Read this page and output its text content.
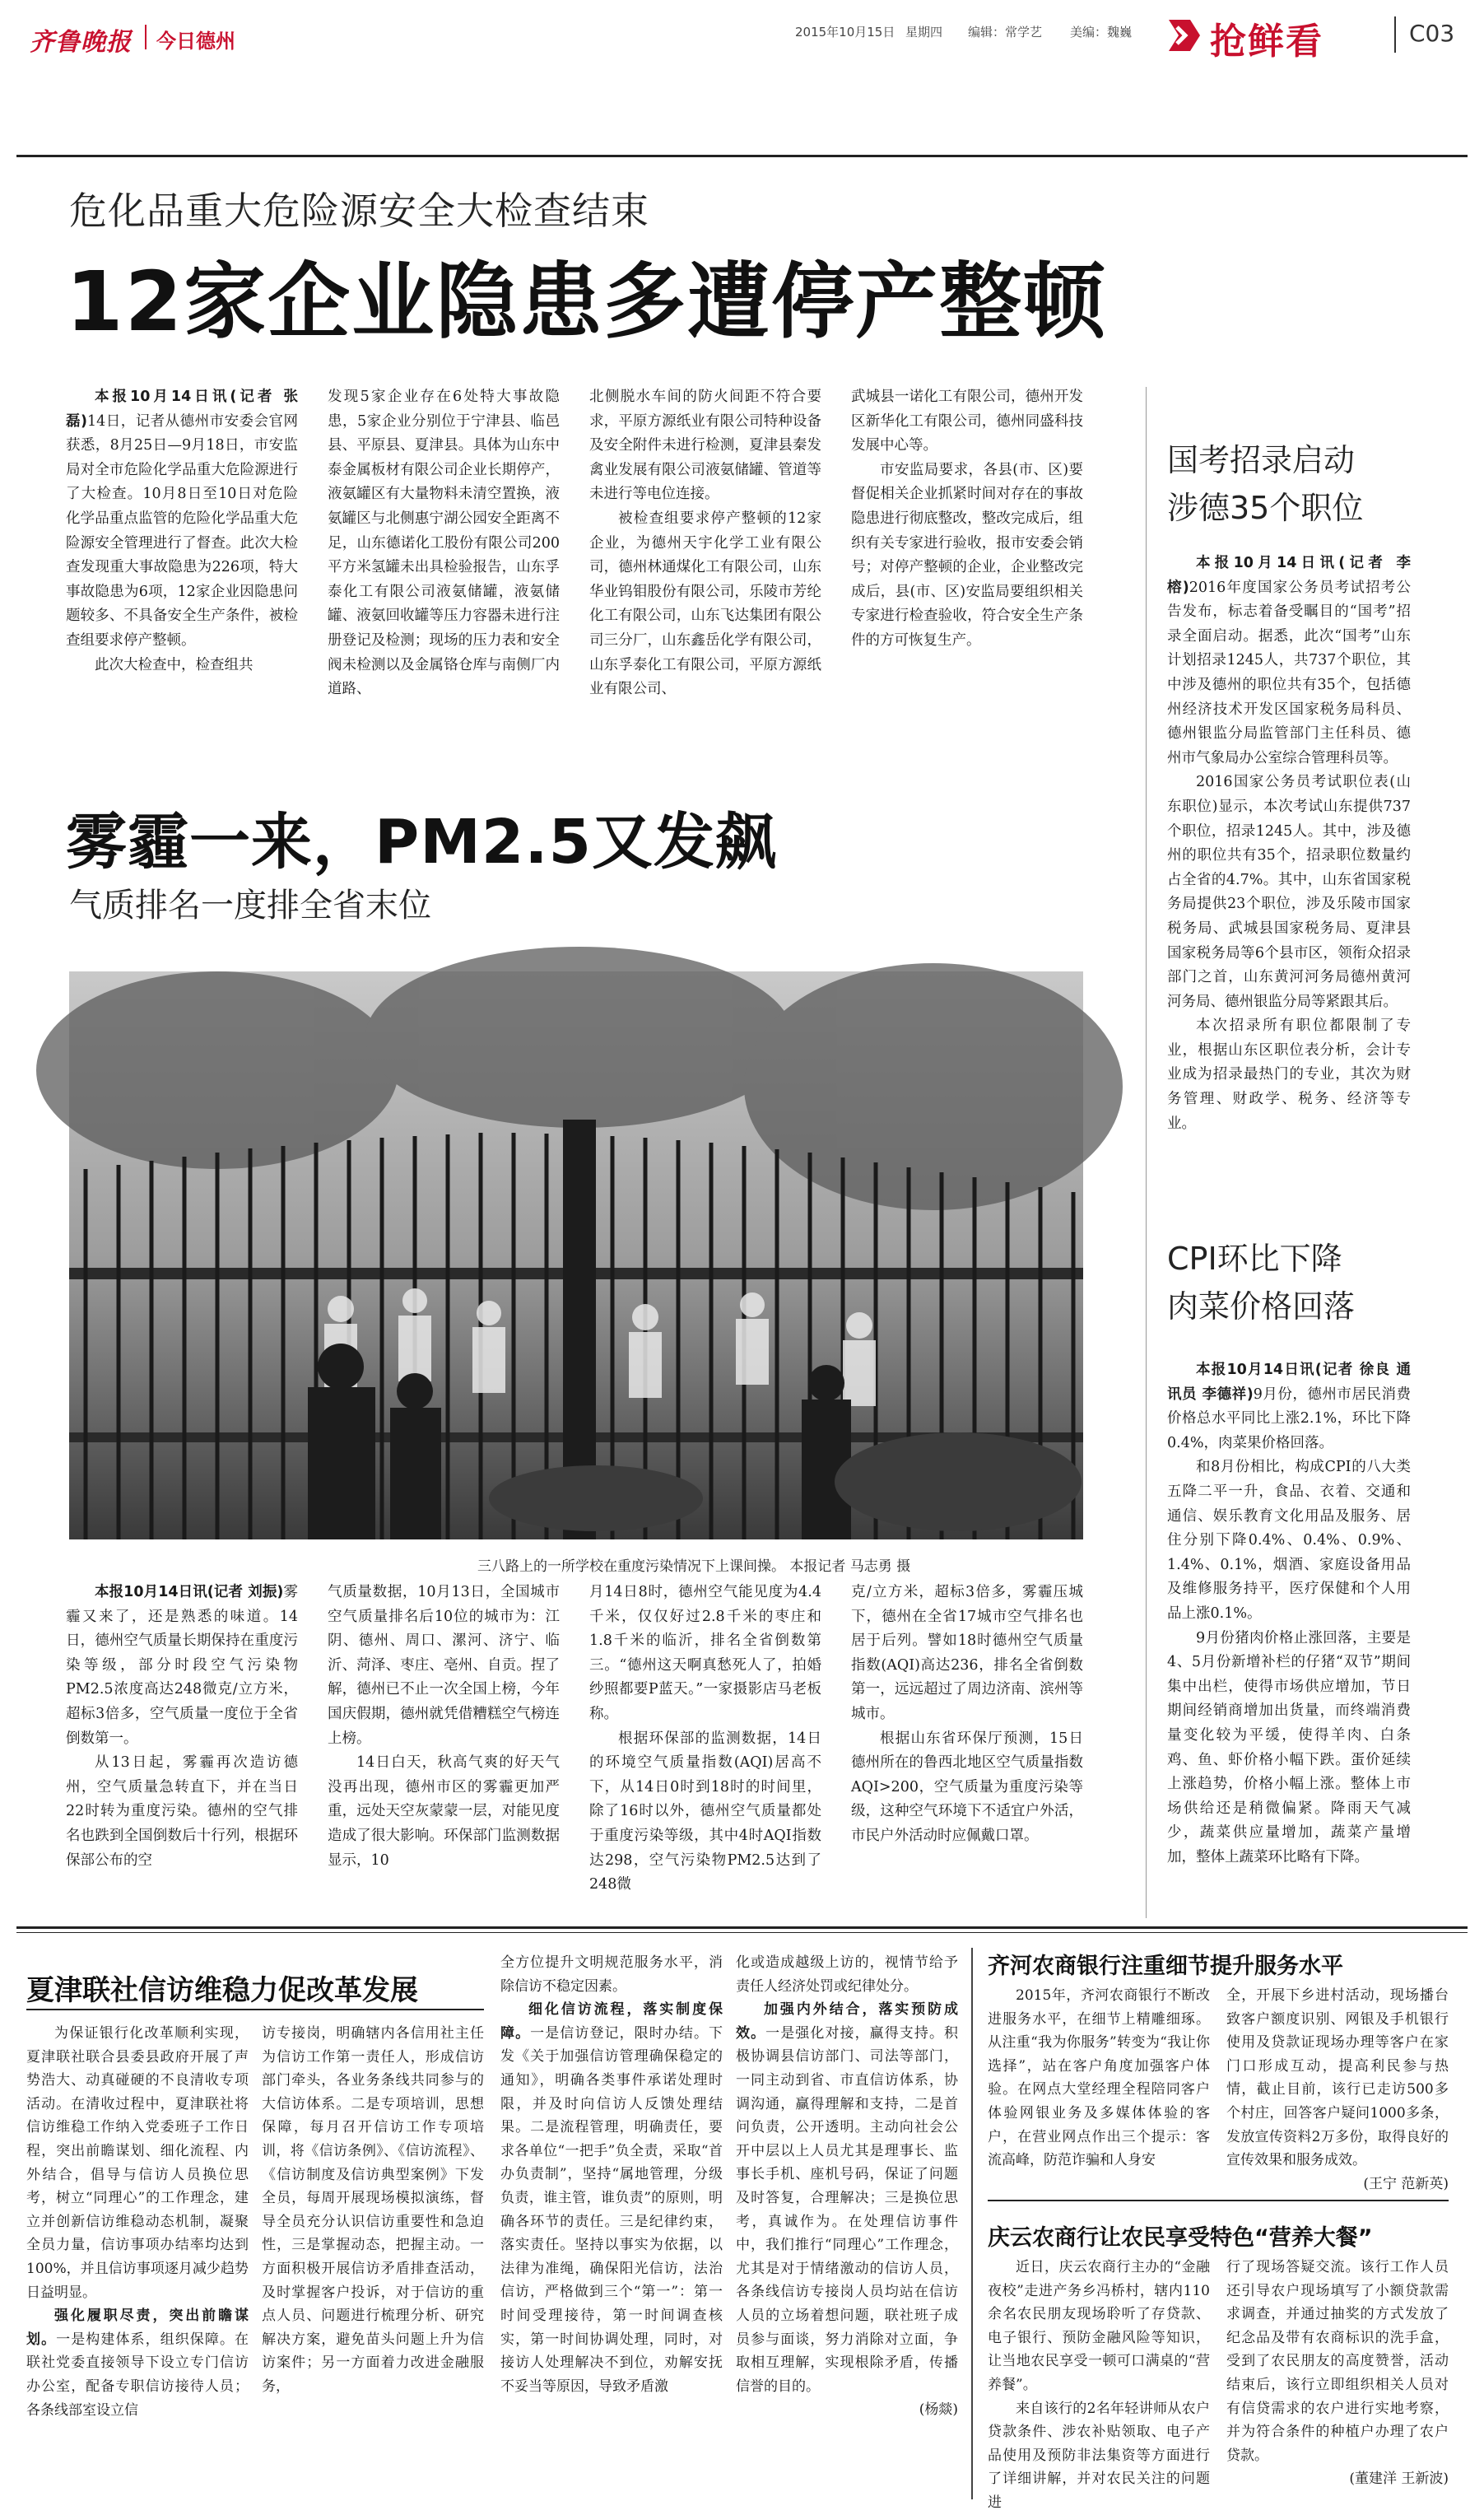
齐鲁晚报 今日德州	2015年10月15日 星期四 编辑：常学艺 美编：魏巍 抢鲜看	C03
危化品重大危险源安全大检查结束
12家企业隐患多遭停产整顿

本报10月14日讯(记者 张磊)14日，记者从德州市安委会官网获悉，8月25日—9月18日，市安监局对全市危险化学品重大危险源进行了大检查。10月8日至10日对危险化学品重点监管的危险化学品重大危险源安全管理进行了督查。此次大检查发现重大事故隐患为226项，特大事故隐患为6项，12家企业因隐患问题较多、不具备安全生产条件，被检查组要求停产整顿。

此次大检查中，检查组共

发现5家企业存在6处特大事故隐患，5家企业分别位于宁津县、临邑县、平原县、夏津县。具体为山东中泰金属板材有限公司企业长期停产，液氨罐区有大量物料未清空置换，液氨罐区与北侧惠宁湖公园安全距离不足，山东德诺化工股份有限公司200平方米氢罐未出具检验报告，山东孚泰化工有限公司液氨储罐，液氨储罐、液氨回收罐等压力容器未进行注册登记及检测；现场的压力表和安全阀未检测以及金属铬仓库与南侧厂内道路、

北侧脱水车间的防火间距不符合要求，平原方源纸业有限公司特种设备及安全附件未进行检测，夏津县秦发禽业发展有限公司液氨储罐、管道等未进行等电位连接。

被检查组要求停产整顿的12家企业，为德州天宇化学工业有限公司，德州林通煤化工有限公司，山东华业钨钼股份有限公司，乐陵市芳纶化工有限公司，山东飞达集团有限公司三分厂，山东鑫岳化学有限公司，山东孚泰化工有限公司，平原方源纸业有限公司、

武城县一诺化工有限公司，德州开发区新华化工有限公司，德州同盛科技发展中心等。

市安监局要求，各县(市、区)要督促相关企业抓紧时间对存在的事故隐患进行彻底整改，整改完成后，组织有关专家进行验收，报市安委会销号；对停产整顿的企业，企业整改完成后，县(市、区)安监局要组织相关专家进行检查验收，符合安全生产条件的方可恢复生产。

国考招录启动
涉德35个职位

本报10月14日讯(记者 李榕)2016年度国家公务员考试招考公告发布，标志着备受瞩目的“国考”招录全面启动。据悉，此次“国考”山东计划招录1245人，共737个职位，其中涉及德州的职位共有35个，包括德州经济技术开发区国家税务局科员、德州银监分局监管部门主任科员、德州市气象局办公室综合管理科员等。

2016国家公务员考试职位表(山东职位)显示，本次考试山东提供737个职位，招录1245人。其中，涉及德州的职位共有35个，招录职位数量约占全省的4.7%。其中，山东省国家税务局提供23个职位，涉及乐陵市国家税务局、武城县国家税务局、夏津县国家税务局等6个县市区，领衔众招录部门之首，山东黄河河务局德州黄河河务局、德州银监分局等紧跟其后。

本次招录所有职位都限制了专业，根据山东区职位表分析，会计专业成为招录最热门的专业，其次为财务管理、财政学、税务、经济等专业。

雾霾一来，PM2.5又发飙
气质排名一度排全省末位
三八路上的一所学校在重度污染情况下上课间操。 本报记者 马志勇 摄

本报10月14日讯(记者 刘振)雾霾又来了，还是熟悉的味道。14日，德州空气质量长期保持在重度污染等级，部分时段空气污染物PM2.5浓度高达248微克/立方米，超标3倍多，空气质量一度位于全省倒数第一。

从13日起，雾霾再次造访德州，空气质量急转直下，并在当日22时转为重度污染。德州的空气排名也跌到全国倒数后十行列，根据环保部公布的空

气质量数据，10月13日，全国城市空气质量排名后10位的城市为：江阴、德州、周口、漯河、济宁、临沂、菏泽、枣庄、亳州、自贡。捏了解，德州已不止一次全国上榜，今年国庆假期，德州就凭借糟糕空气榜连上榜。

14日白天，秋高气爽的好天气没再出现，德州市区的雾霾更加严重，远处天空灰蒙蒙一层，对能见度造成了很大影响。环保部门监测数据显示，10

月14日8时，德州空气能见度为4.4千米，仅仅好过2.8千米的枣庄和1.8千米的临沂，排名全省倒数第三。“德州这天啊真愁死人了，拍婚纱照都要P蓝天。”一家摄影店马老板称。

根据环保部的监测数据，14日的环境空气质量指数(AQI)居高不下，从14日0时到18时的时间里，除了16时以外，德州空气质量都处于重度污染等级，其中4时AQI指数达298，空气污染物PM2.5达到了248微

克/立方米，超标3倍多，雾霾压城下，德州在全省17城市空气排名也居于后列。譬如18时德州空气质量指数(AQI)高达236，排名全省倒数第一，远远超过了周边济南、滨州等城市。

根据山东省环保厅预测，15日德州所在的鲁西北地区空气质量指数AQI>200，空气质量为重度污染等级，这种空气环境下不适宜户外活，市民户外活动时应佩戴口罩。

CPI环比下降
肉菜价格回落

本报10月14日讯(记者 徐良 通讯员 李德祥)9月份，德州市居民消费价格总水平同比上涨2.1%，环比下降0.4%，肉菜果价格回落。

和8月份相比，构成CPI的八大类五降二平一升，食品、衣着、交通和通信、娱乐教育文化用品及服务、居住分别下降0.4%、0.4%、0.9%、1.4%、0.1%，烟酒、家庭设备用品及维修服务持平，医疗保健和个人用品上涨0.1%。

9月份猪肉价格止涨回落，主要是4、5月份新增补栏的仔猪“双节”期间集中出栏，使得市场供应增加，节日期间经销商增加出货量，而终端消费量变化较为平缓，使得羊肉、白条鸡、鱼、虾价格小幅下跌。蛋价延续上涨趋势，价格小幅上涨。整体上市场供给还是稍微偏紧。降雨天气减少，蔬菜供应量增加，蔬菜产量增加，整体上蔬菜环比略有下降。

夏津联社信访维稳力促改革发展

为保证银行化改革顺利实现，夏津联社联合县委县政府开展了声势浩大、动真碰硬的不良清收专项活动。在清收过程中，夏津联社将信访维稳工作纳入党委班子工作日程，突出前瞻谋划、细化流程、内外结合，倡导与信访人员换位思考，树立“同理心”的工作理念，建立并创新信访维稳动态机制，凝聚全员力量，信访事项办结率均达到100%，并且信访事项逐月减少趋势日益明显。

强化履职尽责，突出前瞻谋划。一是构建体系，组织保障。在联社党委直接领导下设立专门信访办公室，配备专职信访接待人员；各条线部室设立信

访专接岗，明确辖内各信用社主任为信访工作第一责任人，形成信访部门牵头，各业务条线共同参与的大信访体系。二是专项培训，思想保障，每月召开信访工作专项培训，将《信访条例》、《信访流程》、《信访制度及信访典型案例》下发全员，每周开展现场模拟演练，督导全员充分认识信访重要性和急迫性，三是掌握动态，把握主动。一方面积极开展信访矛盾排查活动，及时掌握客户投诉，对于信访的重点人员、问题进行梳理分析、研究解决方案，避免苗头问题上升为信访案件；另一方面着力改进金融服务，

全方位提升文明规范服务水平，消除信访不稳定因素。

细化信访流程，落实制度保障。一是信访登记，限时办结。下发《关于加强信访管理确保稳定的通知》，明确各类事件承诺处理时限，并及时向信访人反馈处理结果。二是流程管理，明确责任，要求各单位“一把手”负全责，采取“首办负责制”，坚持“属地管理，分级负责，谁主管，谁负责”的原则，明确各环节的责任。三是纪律约束，落实责任。坚持以事实为依据，以法律为准绳，确保阳光信访，法治信访，严格做到三个“第一”：第一时间受理接待，第一时间调查核实，第一时间协调处理，同时，对接访人处理解决不到位，劝解安抚不妥当等原因，导致矛盾激

化或造成越级上访的，视情节给予责任人经济处罚或纪律处分。

加强内外结合，落实预防成效。一是强化对接，赢得支持。积极协调县信访部门、司法等部门，一同主动到省、市直信访体系，协调沟通，赢得理解和支持，二是首问负责，公开透明。主动向社会公开中层以上人员尤其是理事长、监事长手机、座机号码，保证了问题及时答复，合理解决；三是换位思考，真诚作为。在处理信访事件中，我们推行“同理心”工作理念，尤其是对于情绪激动的信访人员，各条线信访专接岗人员均站在信访人员的立场着想问题，联社班子成员参与面谈，努力消除对立面，争取相互理解，实现根除矛盾，传播信誉的目的。

(杨燚)

齐河农商银行注重细节提升服务水平

2015年，齐河农商银行不断改进服务水平，在细节上精雕细琢。从注重“我为你服务”转变为“我让你选择”，站在客户角度加强客户体验。在网点大堂经理全程陪同客户体验网银业务及多媒体体验的客户，在营业网点作出三个提示：客流高峰，防范诈骗和人身安

全，开展下乡进村活动，现场播台致客户额度识别、网银及手机银行使用及贷款证现场办理等客户在家门口形成互动，提高利民参与热情，截止目前，该行已走访500多个村庄，回答客户疑问1000多条，发放宣传资料2万多份，取得良好的宣传效果和服务成效。

(王宁 范新英)

庆云农商行让农民享受特色“营养大餐”

近日，庆云农商行主办的“金融夜校”走进产务乡冯桥村，辖内110余名农民朋友现场聆听了存贷款、电子银行、预防金融风险等知识，让当地农民享受一顿可口满桌的“营养餐”。

来自该行的2名年轻讲师从农户贷款条件、涉农补贴领取、电子产品使用及预防非法集资等方面进行了详细讲解，并对农民关注的问题进

行了现场答疑交流。该行工作人员还引导农户现场填写了小额贷款需求调查，并通过抽奖的方式发放了纪念品及带有农商标识的洗手盒，受到了农民朋友的高度赞誉，活动结束后，该行立即组织相关人员对有信贷需求的农户进行实地考察，并为符合条件的种植户办理了农户贷款。

(董建洋 王新波)
